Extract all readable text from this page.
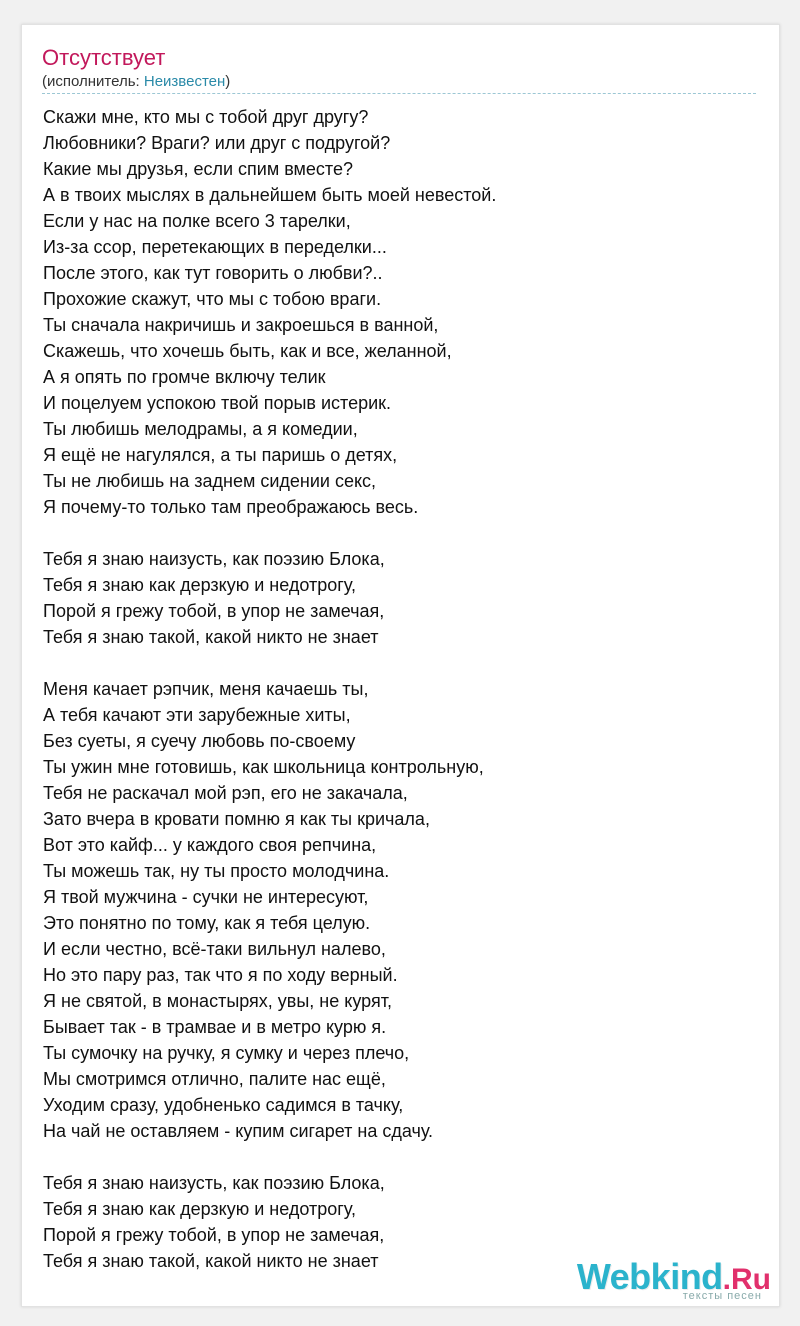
Отсутствует
(исполнитель: Неизвестен)
Скажи мне, кто мы с тобой друг другу?
Любовники? Враги? или друг с подругой?
Какие мы друзья, если спим вместе?
А в твоих мыслях в дальнейшем быть моей невестой.
Если у нас на полке всего 3 тарелки,
Из-за ссор, перетекающих в переделки...
После этого, как тут говорить о любви?..
Прохожие скажут, что мы с тобою враги.
Ты сначала накричишь и закроешься в ванной,
Скажешь, что хочешь быть, как и все, желанной,
А я опять по громче включу телик
И поцелуем успокою твой порыв истерик.
Ты любишь мелодрамы, а я комедии,
Я ещё не нагулялся, а ты паришь о детях,
Ты не любишь на заднем сидении секс,
Я почему-то только там преображаюсь весь.
Тебя я знаю наизусть, как поэзию Блока,
Тебя я знаю как дерзкую и недотрогу,
Порой я грежу тобой, в упор не замечая,
Тебя я знаю такой, какой никто не знает
Меня качает рэпчик, меня качаешь ты,
А тебя качают эти зарубежные хиты,
Без суеты, я суечу любовь по-своему
Ты ужин мне готовишь, как школьница контрольную,
Тебя не раскачал мой рэп, его не закачала,
Зато вчера в кровати помню я как ты кричала,
Вот это кайф... у каждого своя репчина,
Ты можешь так, ну ты просто молодчина.
Я твой мужчина - сучки не интересуют,
Это понятно по тому, как я тебя целую.
И если честно, всё-таки вильнул налево,
Но это пару раз, так что я по ходу верный.
Я не святой, в монастырях, увы, не курят,
Бывает так - в трамвае и в метро курю я.
Ты сумочку на ручку, я сумку и через плечо,
Мы смотримся отлично, палите нас ещё,
Уходим сразу, удобненько садимся в тачку,
На чай не оставляем - купим сигарет на сдачу.
Тебя я знаю наизусть, как поэзию Блока,
Тебя я знаю как дерзкую и недотрогу,
Порой я грежу тобой, в упор не замечая,
Тебя я знаю такой, какой никто не знает	Webkind.Ru
тексты песен
